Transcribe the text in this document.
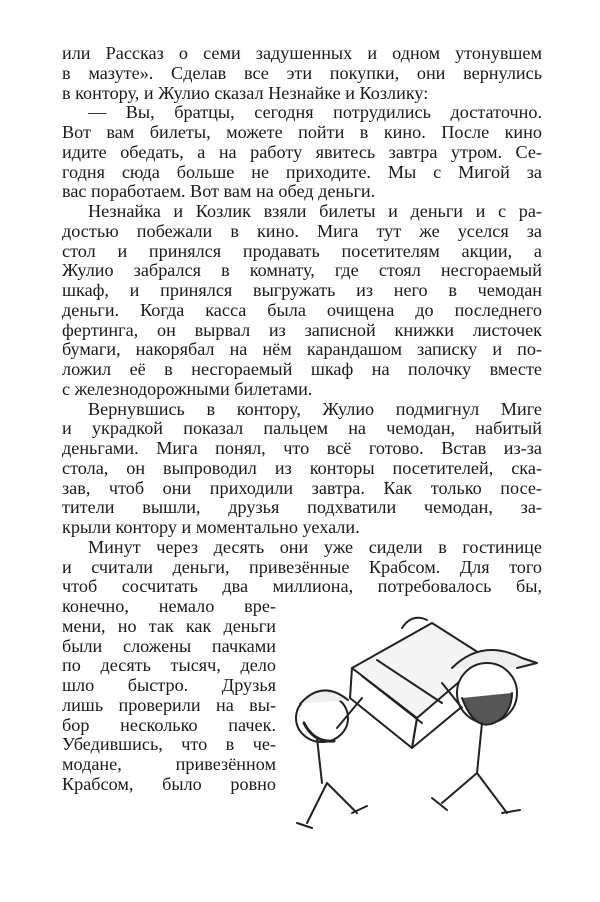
или Рассказ о семи задушенных и одном утонувшем
в мазуте». Сделав все эти покупки, они вернулись
в контору, и Жулио сказал Незнайке и Козлику:
— Вы, братцы, сегодня потрудились достаточно.
Вот вам билеты, можете пойти в кино. После кино
идите обедать, а на работу явитесь завтра утром. Се-
годня сюда больше не приходите. Мы с Мигой за
вас поработаем. Вот вам на обед деньги.
Незнайка и Козлик взяли билеты и деньги и с ра-
достью побежали в кино. Мига тут же уселся за
стол и принялся продавать посетителям акции, а
Жулио забрался в комнату, где стоял несгораемый
шкаф, и принялся выгружать из него в чемодан
деньги. Когда касса была очищена до последнего
фертинга, он вырвал из записной книжки листочек
бумаги, накорябал на нём карандашом записку и по-
ложил её в несгораемый шкаф на полочку вместе
с железнодорожными билетами.
Вернувшись в контору, Жулио подмигнул Миге
и украдкой показал пальцем на чемодан, набитый
деньгами. Мига понял, что всё готово. Встав из-за
стола, он выпроводил из конторы посетителей, ска-
зав, чтоб они приходили завтра. Как только посе-
тители вышли, друзья подхватили чемодан, за-
крыли контору и моментально уехали.
Минут через десять они уже сидели в гостинице
и считали деньги, привезённые Крабсом. Для того
чтоб сосчитать два миллиона, потребовалось бы,
конечно, немало вре-
мени, но так как деньги
были сложены пачками
по десять тысяч, дело
шло быстро. Друзья
лишь проверили на вы-
бор несколько пачек.
Убедившись, что в че-
модане, привезённом
Крабсом, было ровно
